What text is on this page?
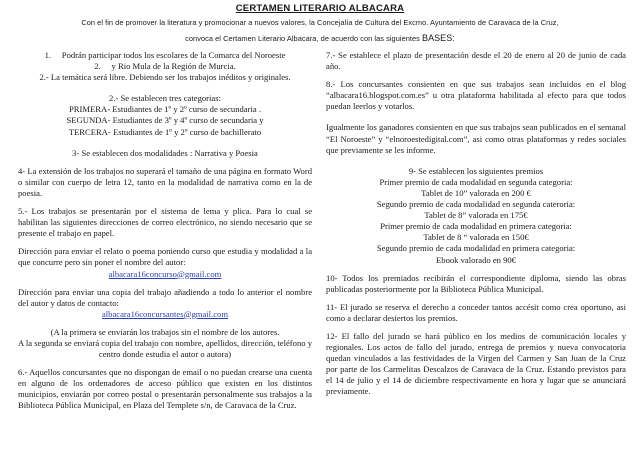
CERTAMEN LITERARIO ALBACARA
Con el fin de promover la literatura y promocionar a nuevos valores, la Concejalía de Cultura del Excmo. Ayuntamiento de Caravaca de la Cruz,
convoca el Certamen Literario Albacara, de acuerdo con las siguientes BASES:
1.  Podrán participar todos los escolares de la Comarca del Noroeste
2.  y Rio Mula de la Región de Murcia.
2.- La temática será libre. Debiendo ser los trabajos inéditos y originales.
2.- Se establecen tres categorias:
PRIMERA- Estudiantes de 1º y 2º curso de secundaria .
SEGUNDA- Estudiantes de 3º y 4º curso de secundaria y
TERCERA- Estudiantes de 1º y 2º curso de bachillerato
3- Se establecen dos modalidades : Narrativa y Poesia
4- La extensión de los trabajos no superará el tamaño de una página en formato Word o similar con cuerpo de letra 12, tanto en la modalidad de narrativa como en la de poesia.
5.- Los trabajos se presentarán por el sistema de lema y plica. Para lo cual se habilitan las siguientes direcciones de correo electrónico, no siendo necesario que se presente el trabajo en papel.
Dirección para enviar el relato o poema poniendo curso que estudia y modalidad a la que concurre pero sin poner el nombre del autor:
albacara16concurso@gmail.com
Dirección para enviar una copia del trabajo añadiendo a todo lo anterior el nombre del autor y datos de contacto:
albacara16concursantes@gmail.com
(A la primera se enviarán los trabajos sin el nombre de los autores.
A la segunda se enviará copia del trabajo con nombre, apellidos, dirección, teléfono y centro donde estudia el autor o autora)
6.- Aquellos concursantes que no dispongan de email o no puedan crearse una cuenta en alguno de los ordenadores de acceso público que existen en los distintos municipios, enviarán por correo postal o presentarán personalmente sus trabajos a la Biblioteca Pública Municipal, en Plaza del Templete s/n, de Caravaca de la Cruz.
7.- Se establece el plazo de presentación desde el 20 de enero al 20 de junio de cada año.
8.- Los concursantes consienten en que sus trabajos sean incluidos en el blog “albacara16.blogspot.com.es” u otra plataforma habilitada al efecto para que todos puedan leerlos y votarlos.
Igualmente los ganadores consienten en que sus trabajos sean publicados en el semanal “El Noroeste” y “elnoroestedigital.com”, asi como otras plataformas y redes sociales que previamente se les informe.
9- Se establecen los siguientes premios
Primer premio de cada modalidad en segunda categoria:
Tablet de 10” valorada en 200 €
Segundo premio de cada modalidad en segunda cateroria:
Tablet de 8” valorada en 175€
Primer premio de cada modalidad en primera categoria:
Tablet de 8 “ valorada en 150€
Segundo premio de cada modalidad en primera categoria:
Ebook valorado en 90€
10- Todos los premiados recibirán el correspondiente diploma, siendo las obras publicadas posteriormente por la Biblioteca Pública Municipal.
11- El jurado se reserva el derecho a conceder tantos accésit como crea oportuno, asi como a declarar desiertos los premios.
12- El fallo del jurado se hará público en los medios de comunicación locales y regionales. Los actos de fallo del jurado, entrega de premios y nueva convocatoria quedan vinculados a las festividades de la Virgen del Carmen y San Juan de la Cruz por parte de los Carmelitas Descalzos de Caravaca de la Cruz. Estando previstos para el 14 de julio y el 14 de diciembre respectivamente en hora y lugar que se anunciará previamente.
